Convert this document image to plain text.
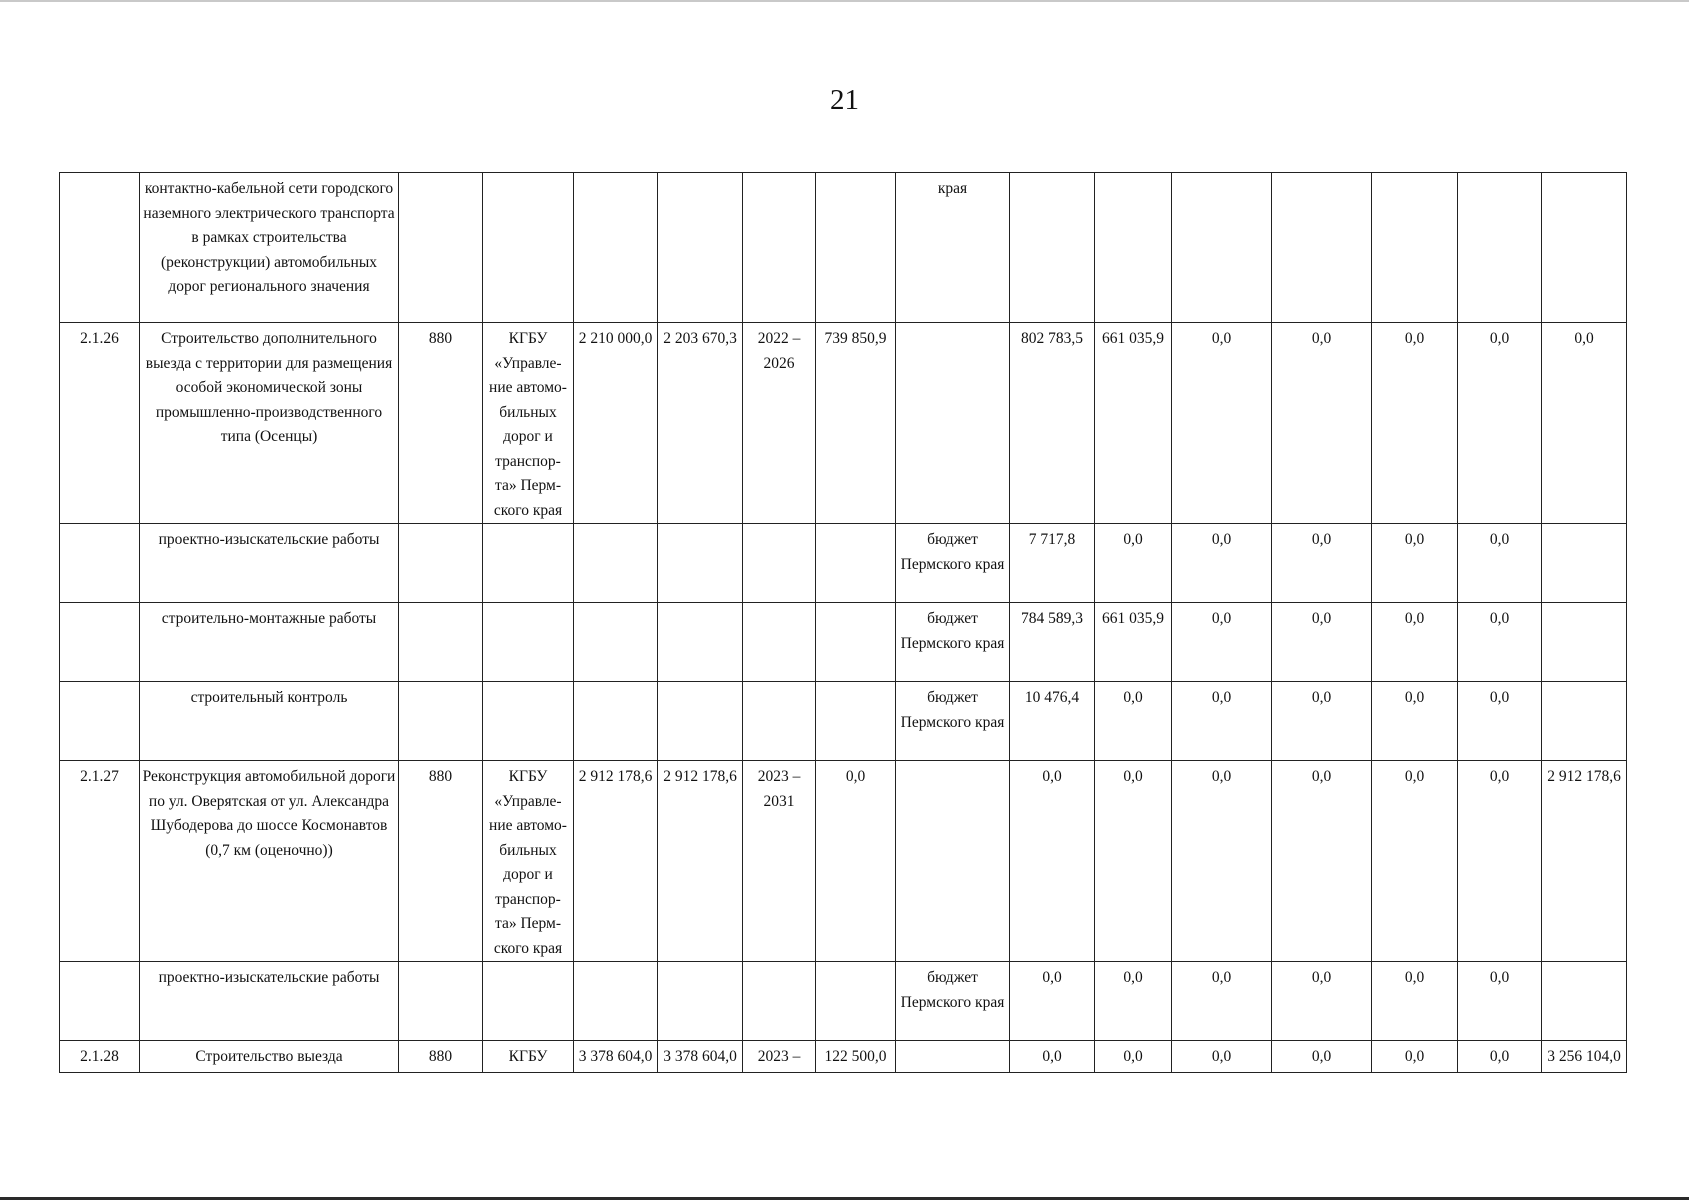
21
	контактно-кабельной сети городского наземного электрического транспорта в рамках строительства (реконструкции) автомобильных дорог регионального значения							края							
2.1.26	Строительство дополнительного выезда с территории для размещения особой экономической зоны промышленно-производственного типа (Осенцы)	880	КГБУ «Управле-ние автомо-бильных дорог и транспор-та» Перм-ского края	2 210 000,0	2 203 670,3	2022 – 2026	739 850,9		802 783,5	661 035,9	0,0	0,0	0,0	0,0	0,0
	проектно-изыскательские работы							бюджет Пермского края	7 717,8	0,0	0,0	0,0	0,0	0,0	
	строительно-монтажные работы							бюджет Пермского края	784 589,3	661 035,9	0,0	0,0	0,0	0,0	
	строительный контроль							бюджет Пермского края	10 476,4	0,0	0,0	0,0	0,0	0,0	
2.1.27	Реконструкция автомобильной дороги по ул. Оверятская от ул. Александра Шубодерова до шоссе Космонавтов (0,7 км (оценочно))	880	КГБУ «Управле-ние автомо-бильных дорог и транспор-та» Перм-ского края	2 912 178,6	2 912 178,6	2023 – 2031	0,0		0,0	0,0	0,0	0,0	0,0	0,0	2 912 178,6
	проектно-изыскательские работы							бюджет Пермского края	0,0	0,0	0,0	0,0	0,0	0,0	
2.1.28	Строительство выезда	880	КГБУ	3 378 604,0	3 378 604,0	2023 –	122 500,0		0,0	0,0	0,0	0,0	0,0	0,0	3 256 104,0
